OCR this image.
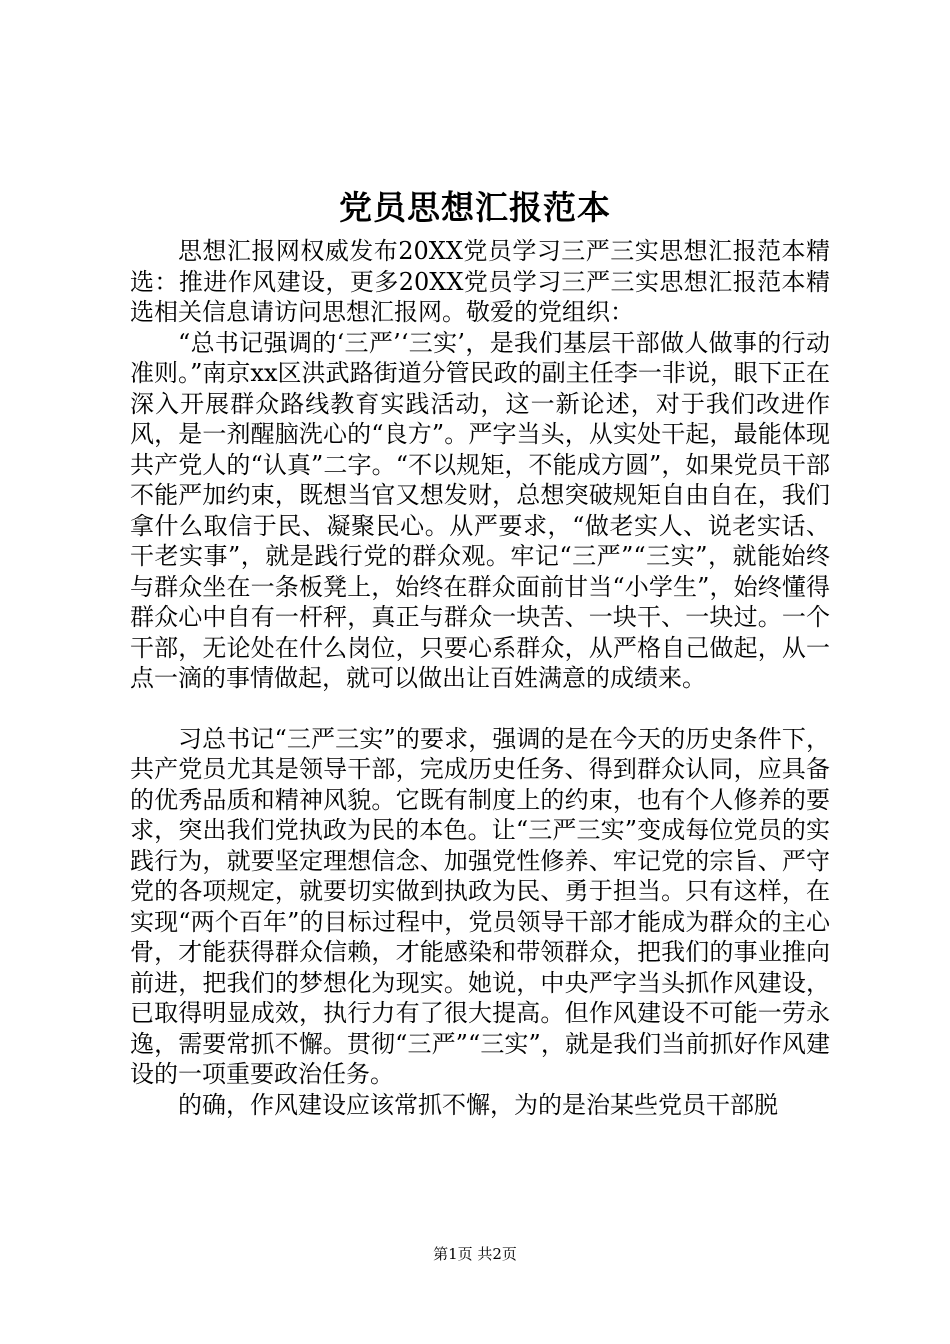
党员思想汇报范本

思想汇报网权威发布20XX党员学习三严三实思想汇报范本精选：推进作风建设，更多20XX党员学习三严三实思想汇报范本精选相关信息请访问思想汇报网。敬爱的党组织：

“总书记强调的‘三严’‘三实’，是我们基层干部做人做事的行动准则。”南京xx区洪武路街道分管民政的副主任李一非说，眼下正在深入开展群众路线教育实践活动，这一新论述，对于我们改进作风，是一剂醒脑洗心的“良方”。严字当头，从实处干起，最能体现共产党人的“认真”二字。“不以规矩，不能成方圆”，如果党员干部不能严加约束，既想当官又想发财，总想突破规矩自由自在，我们拿什么取信于民、凝聚民心。从严要求，“做老实人、说老实话、干老实事”，就是践行党的群众观。牢记“三严”“三实”，就能始终与群众坐在一条板凳上，始终在群众面前甘当“小学生”，始终懂得群众心中自有一杆秤，真正与群众一块苦、一块干、一块过。一个干部，无论处在什么岗位，只要心系群众，从严格自己做起，从一点一滴的事情做起，就可以做出让百姓满意的成绩来。

习总书记“三严三实”的要求，强调的是在今天的历史条件下，共产党员尤其是领导干部，完成历史任务、得到群众认同，应具备的优秀品质和精神风貌。它既有制度上的约束，也有个人修养的要求，突出我们党执政为民的本色。让“三严三实”变成每位党员的实践行为，就要坚定理想信念、加强党性修养、牢记党的宗旨、严守党的各项规定，就要切实做到执政为民、勇于担当。只有这样，在实现“两个百年”的目标过程中，党员领导干部才能成为群众的主心骨，才能获得群众信赖，才能感染和带领群众，把我们的事业推向前进，把我们的梦想化为现实。她说，中央严字当头抓作风建设，已取得明显成效，执行力有了很大提高。但作风建设不可能一劳永逸，需要常抓不懈。贯彻“三严”“三实”，就是我们当前抓好作风建设的一项重要政治任务。

的确，作风建设应该常抓不懈，为的是治某些党员干部脱

第1页 共2页
